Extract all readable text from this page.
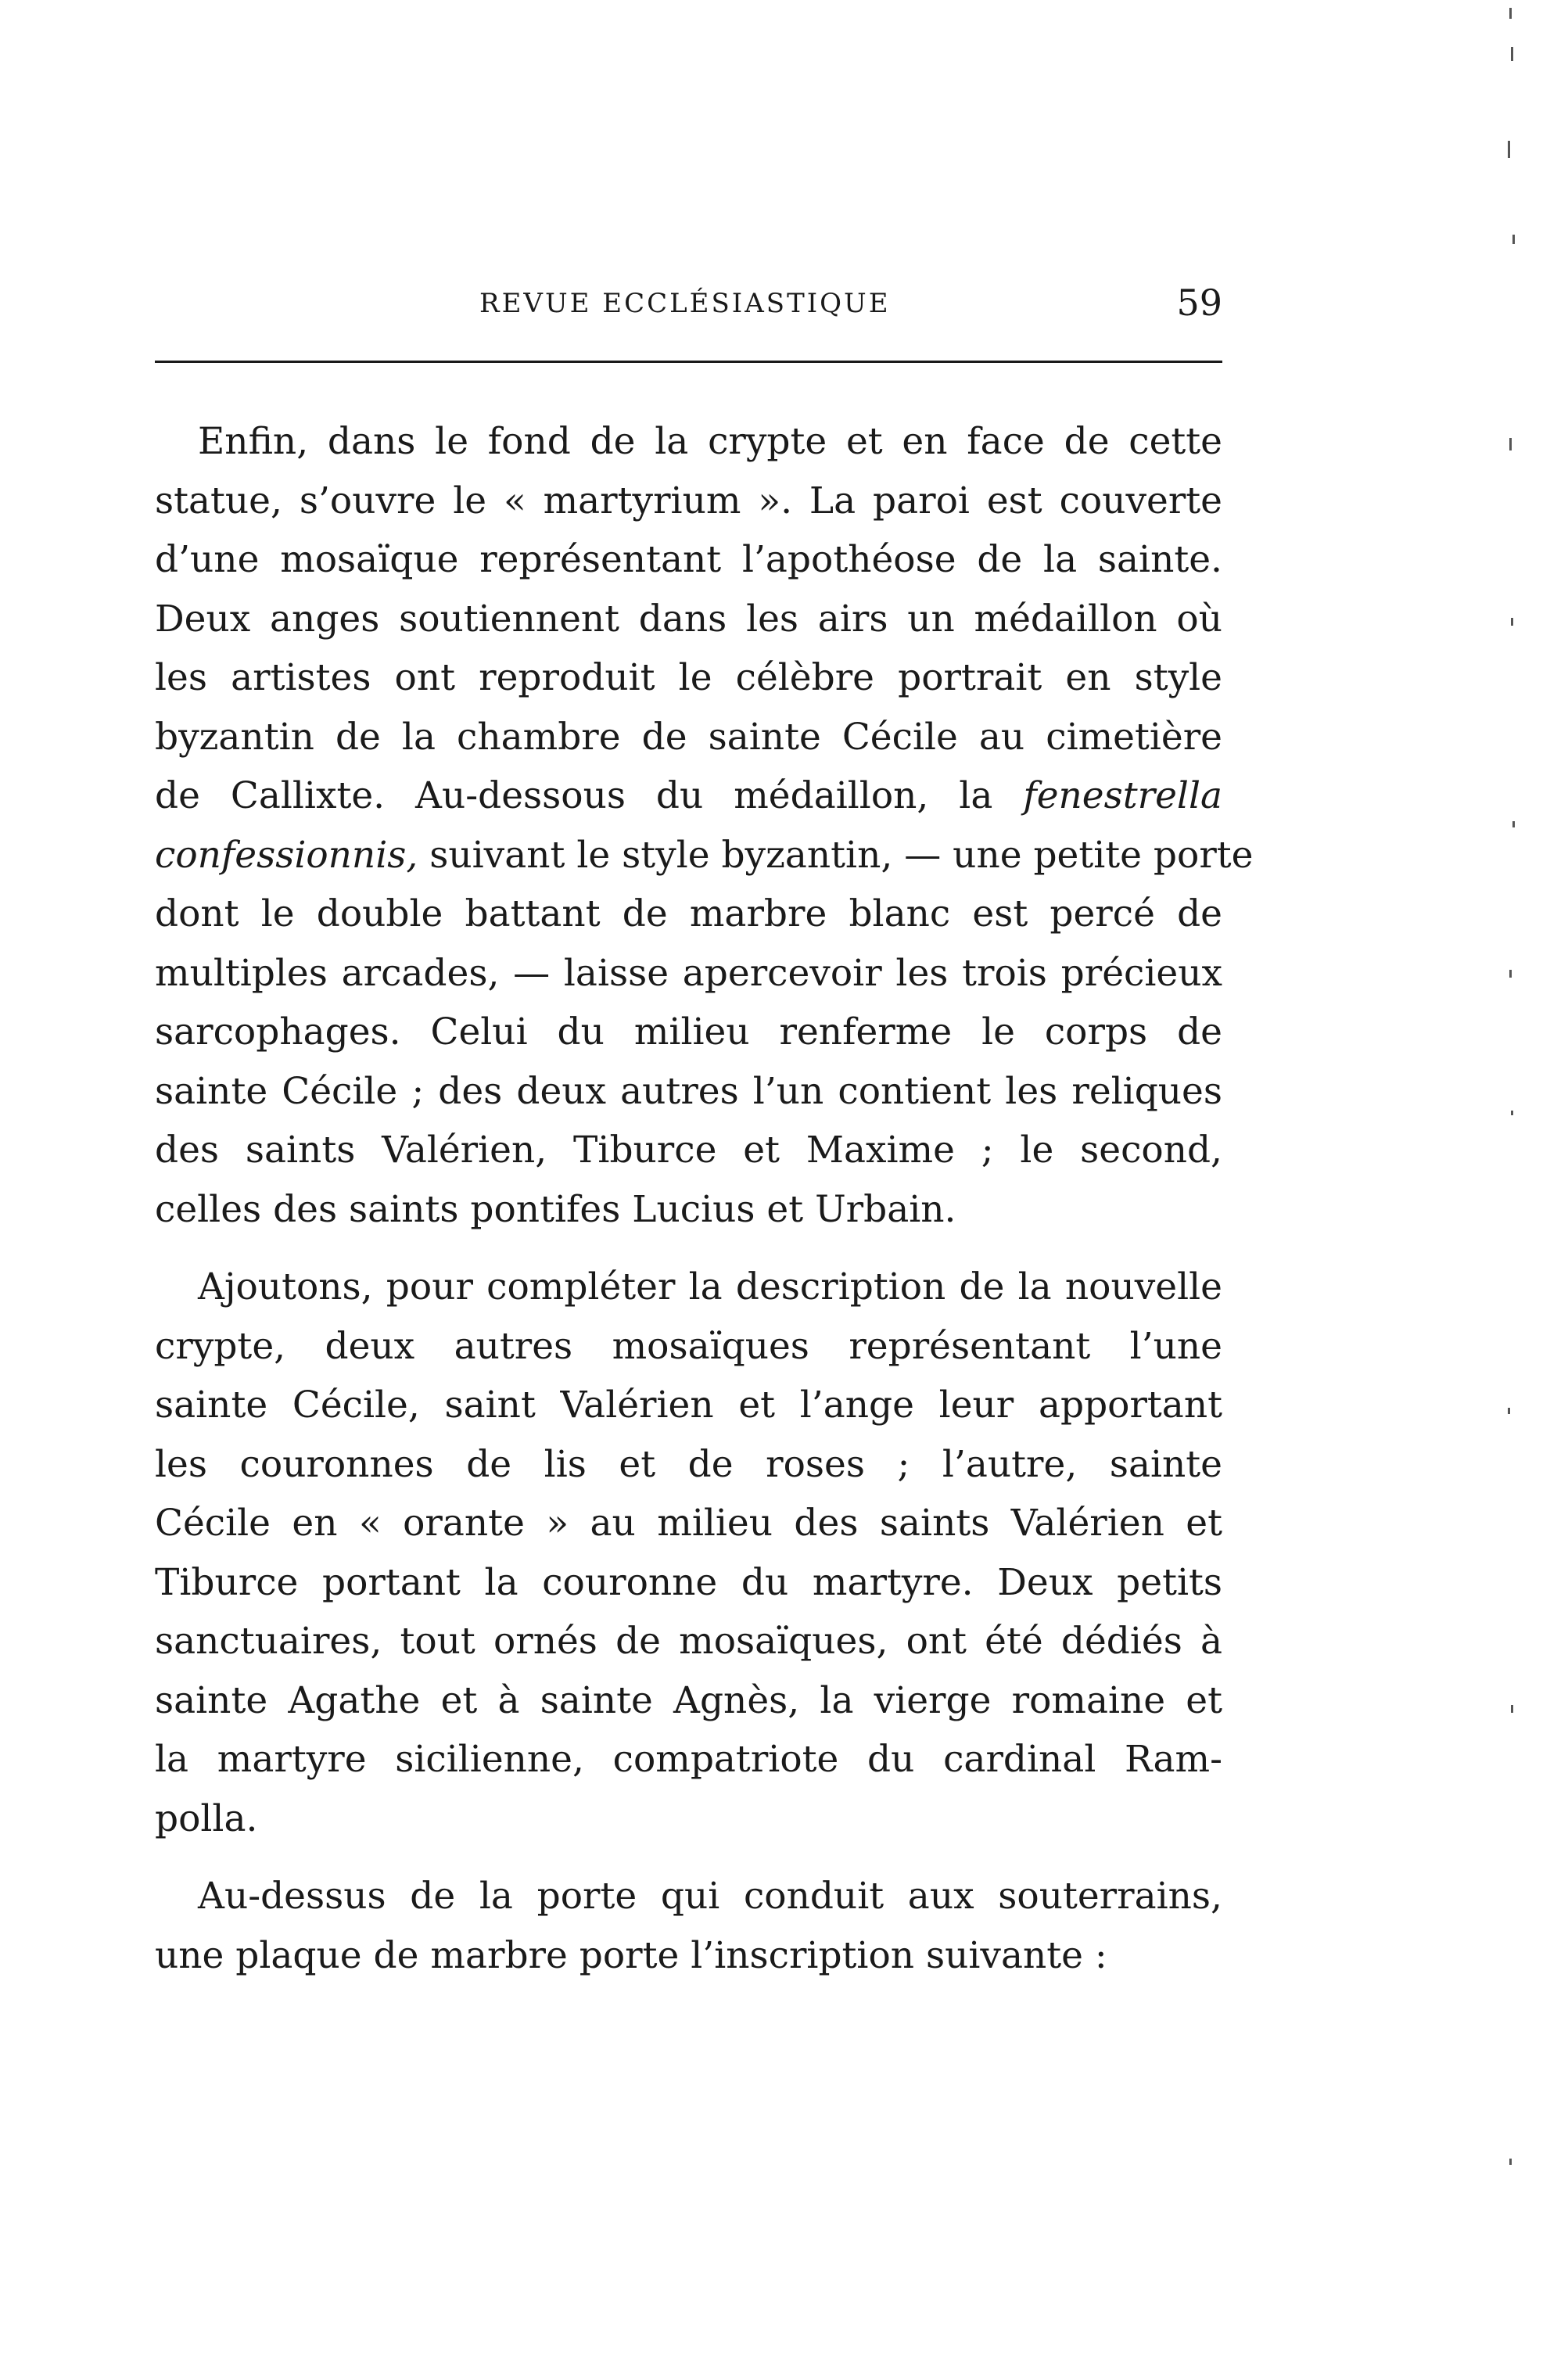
REVUE ECCLÉSIASTIQUE	59
Enfin, dans le fond de la crypte et en face de cette
statue, s’ouvre le « martyrium ». La paroi est couverte
d’une mosaïque représentant l’apothéose de la sainte.
Deux anges soutiennent dans les airs un médaillon où
les artistes ont reproduit le célèbre portrait en style
byzantin de la chambre de sainte Cécile au cimetière
de Callixte. Au-dessous du médaillon, la fenestrella
confessionnis, suivant le style byzantin, — une petite porte
dont le double battant de marbre blanc est percé de
multiples arcades, — laisse apercevoir les trois précieux
sarcophages. Celui du milieu renferme le corps de
sainte Cécile ; des deux autres l’un contient les reliques
des saints Valérien, Tiburce et Maxime ; le second,
celles des saints pontifes Lucius et Urbain.
Ajoutons, pour compléter la description de la nouvelle
crypte, deux autres mosaïques représentant l’une
sainte Cécile, saint Valérien et l’ange leur apportant
les couronnes de lis et de roses ; l’autre, sainte
Cécile en « orante » au milieu des saints Valérien et
Tiburce portant la couronne du martyre. Deux petits
sanctuaires, tout ornés de mosaïques, ont été dédiés à
sainte Agathe et à sainte Agnès, la vierge romaine et
la martyre sicilienne, compatriote du cardinal Ram-
polla.
Au-dessus de la porte qui conduit aux souterrains,
une plaque de marbre porte l’inscription suivante :
